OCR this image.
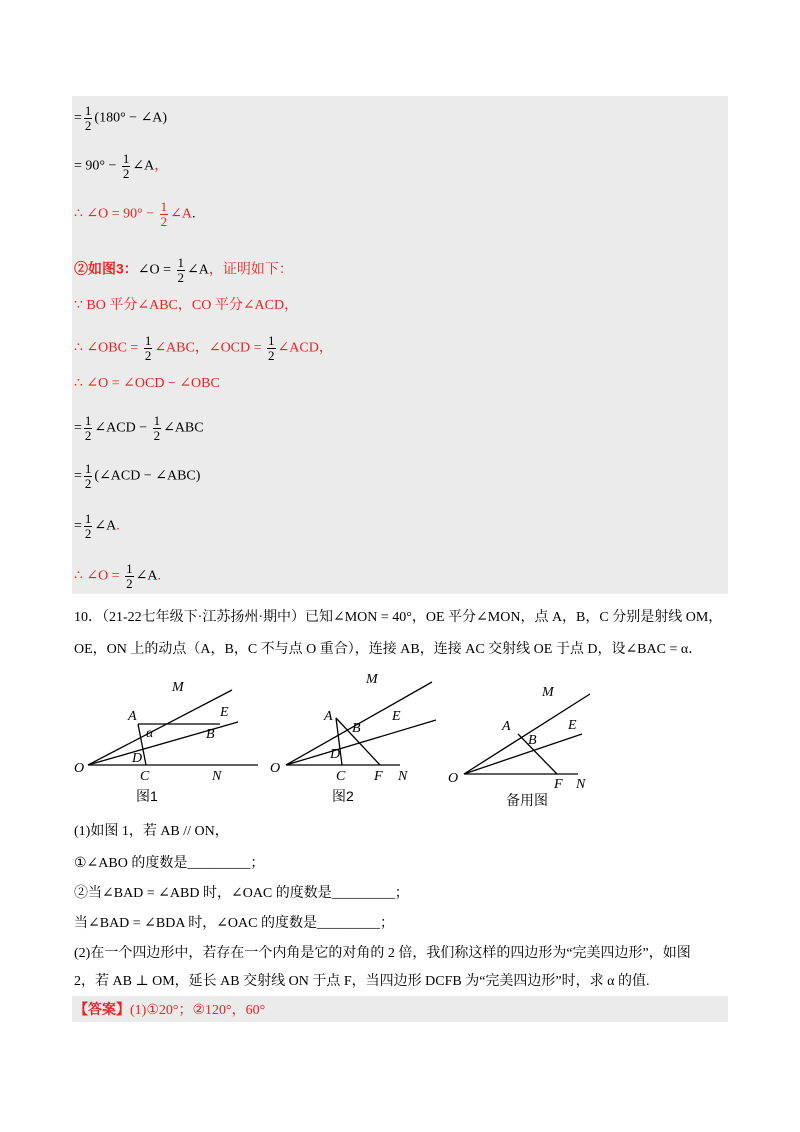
= $\frac{1}{2} (180^\circ$ − ∠A)
= $90^\circ - \frac{1}{2}$ ∠A，
∴ ∠O = $90^\circ - \frac{1}{2}$ ∠A.
②如图3：∠O = $\frac{1}{2}$ ∠A，证明如下：
∵ BO 平分∠ABC，CO 平分∠ACD，
∴ ∠OBC = $\frac{1}{2}$ ∠ABC，∠OCD = $\frac{1}{2}$ ∠ACD，
∴ ∠O = ∠OCD − ∠OBC
= $\frac{1}{2}$ ∠ACD − $\frac{1}{2}$ ∠ABC
= $\frac{1}{2}$ (∠ACD − ∠ABC)
= $\frac{1}{2}$ ∠A.
∴ ∠O = $\frac{1}{2}$ ∠A.
10．（21-22七年级下·江苏扬州·期中）已知∠MON = 40°，OE 平分∠MON，点 A，B，C 分别是射线 OM，
OE，ON 上的动点（A，B，C 不与点 O 重合），连接 AB，连接 AC 交射线 OE 于点 D，设∠BAC = α．
M
E
A
B
α
D
O
C	N
M
E
A
B
D
O
C F N
M
E
A
B
O	F N
图1	图2	备用图
(1)如图 1，若 AB // ON，
①∠ABO 的度数是_________；
②当∠BAD = ∠ABD 时，∠OAC 的度数是_________；
当∠BAD = ∠BDA 时，∠OAC 的度数是_________；
(2)在一个四边形中，若存在一个内角是它的对角的 2 倍，我们称这样的四边形为“完美四边形”，如图
2，若 AB ⊥ OM，延长 AB 交射线 ON 于点 F，当四边形 DCFB 为“完美四边形”时，求 α 的值.
【答案】(1)①20°；②120°，60°
